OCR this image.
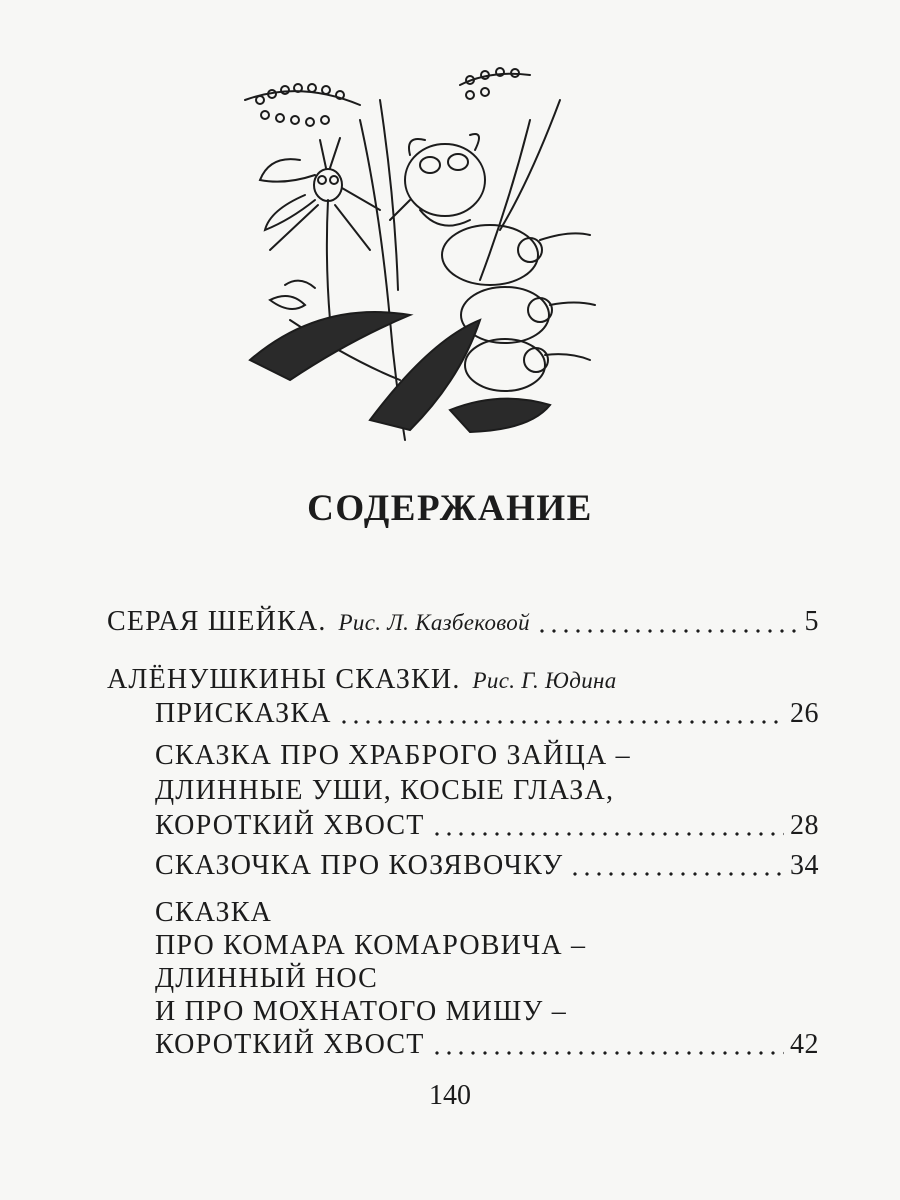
СОДЕРЖАНИЕ
СЕРАЯ ШЕЙКА. Рис. Л. Казбековой	5
АЛЁНУШКИНЫ СКАЗКИ. Рис. Г. Юдина
ПРИСКАЗКА	26
СКАЗКА ПРО ХРАБРОГО ЗАЙЦА –
ДЛИННЫЕ УШИ, КОСЫЕ ГЛАЗА,
КОРОТКИЙ ХВОСТ	28
СКАЗОЧКА ПРО КОЗЯВОЧКУ	34
СКАЗКА
ПРО КОМАРА КОМАРОВИЧА –
ДЛИННЫЙ НОС
И ПРО МОХНАТОГО МИШУ –
КОРОТКИЙ ХВОСТ	42
140
